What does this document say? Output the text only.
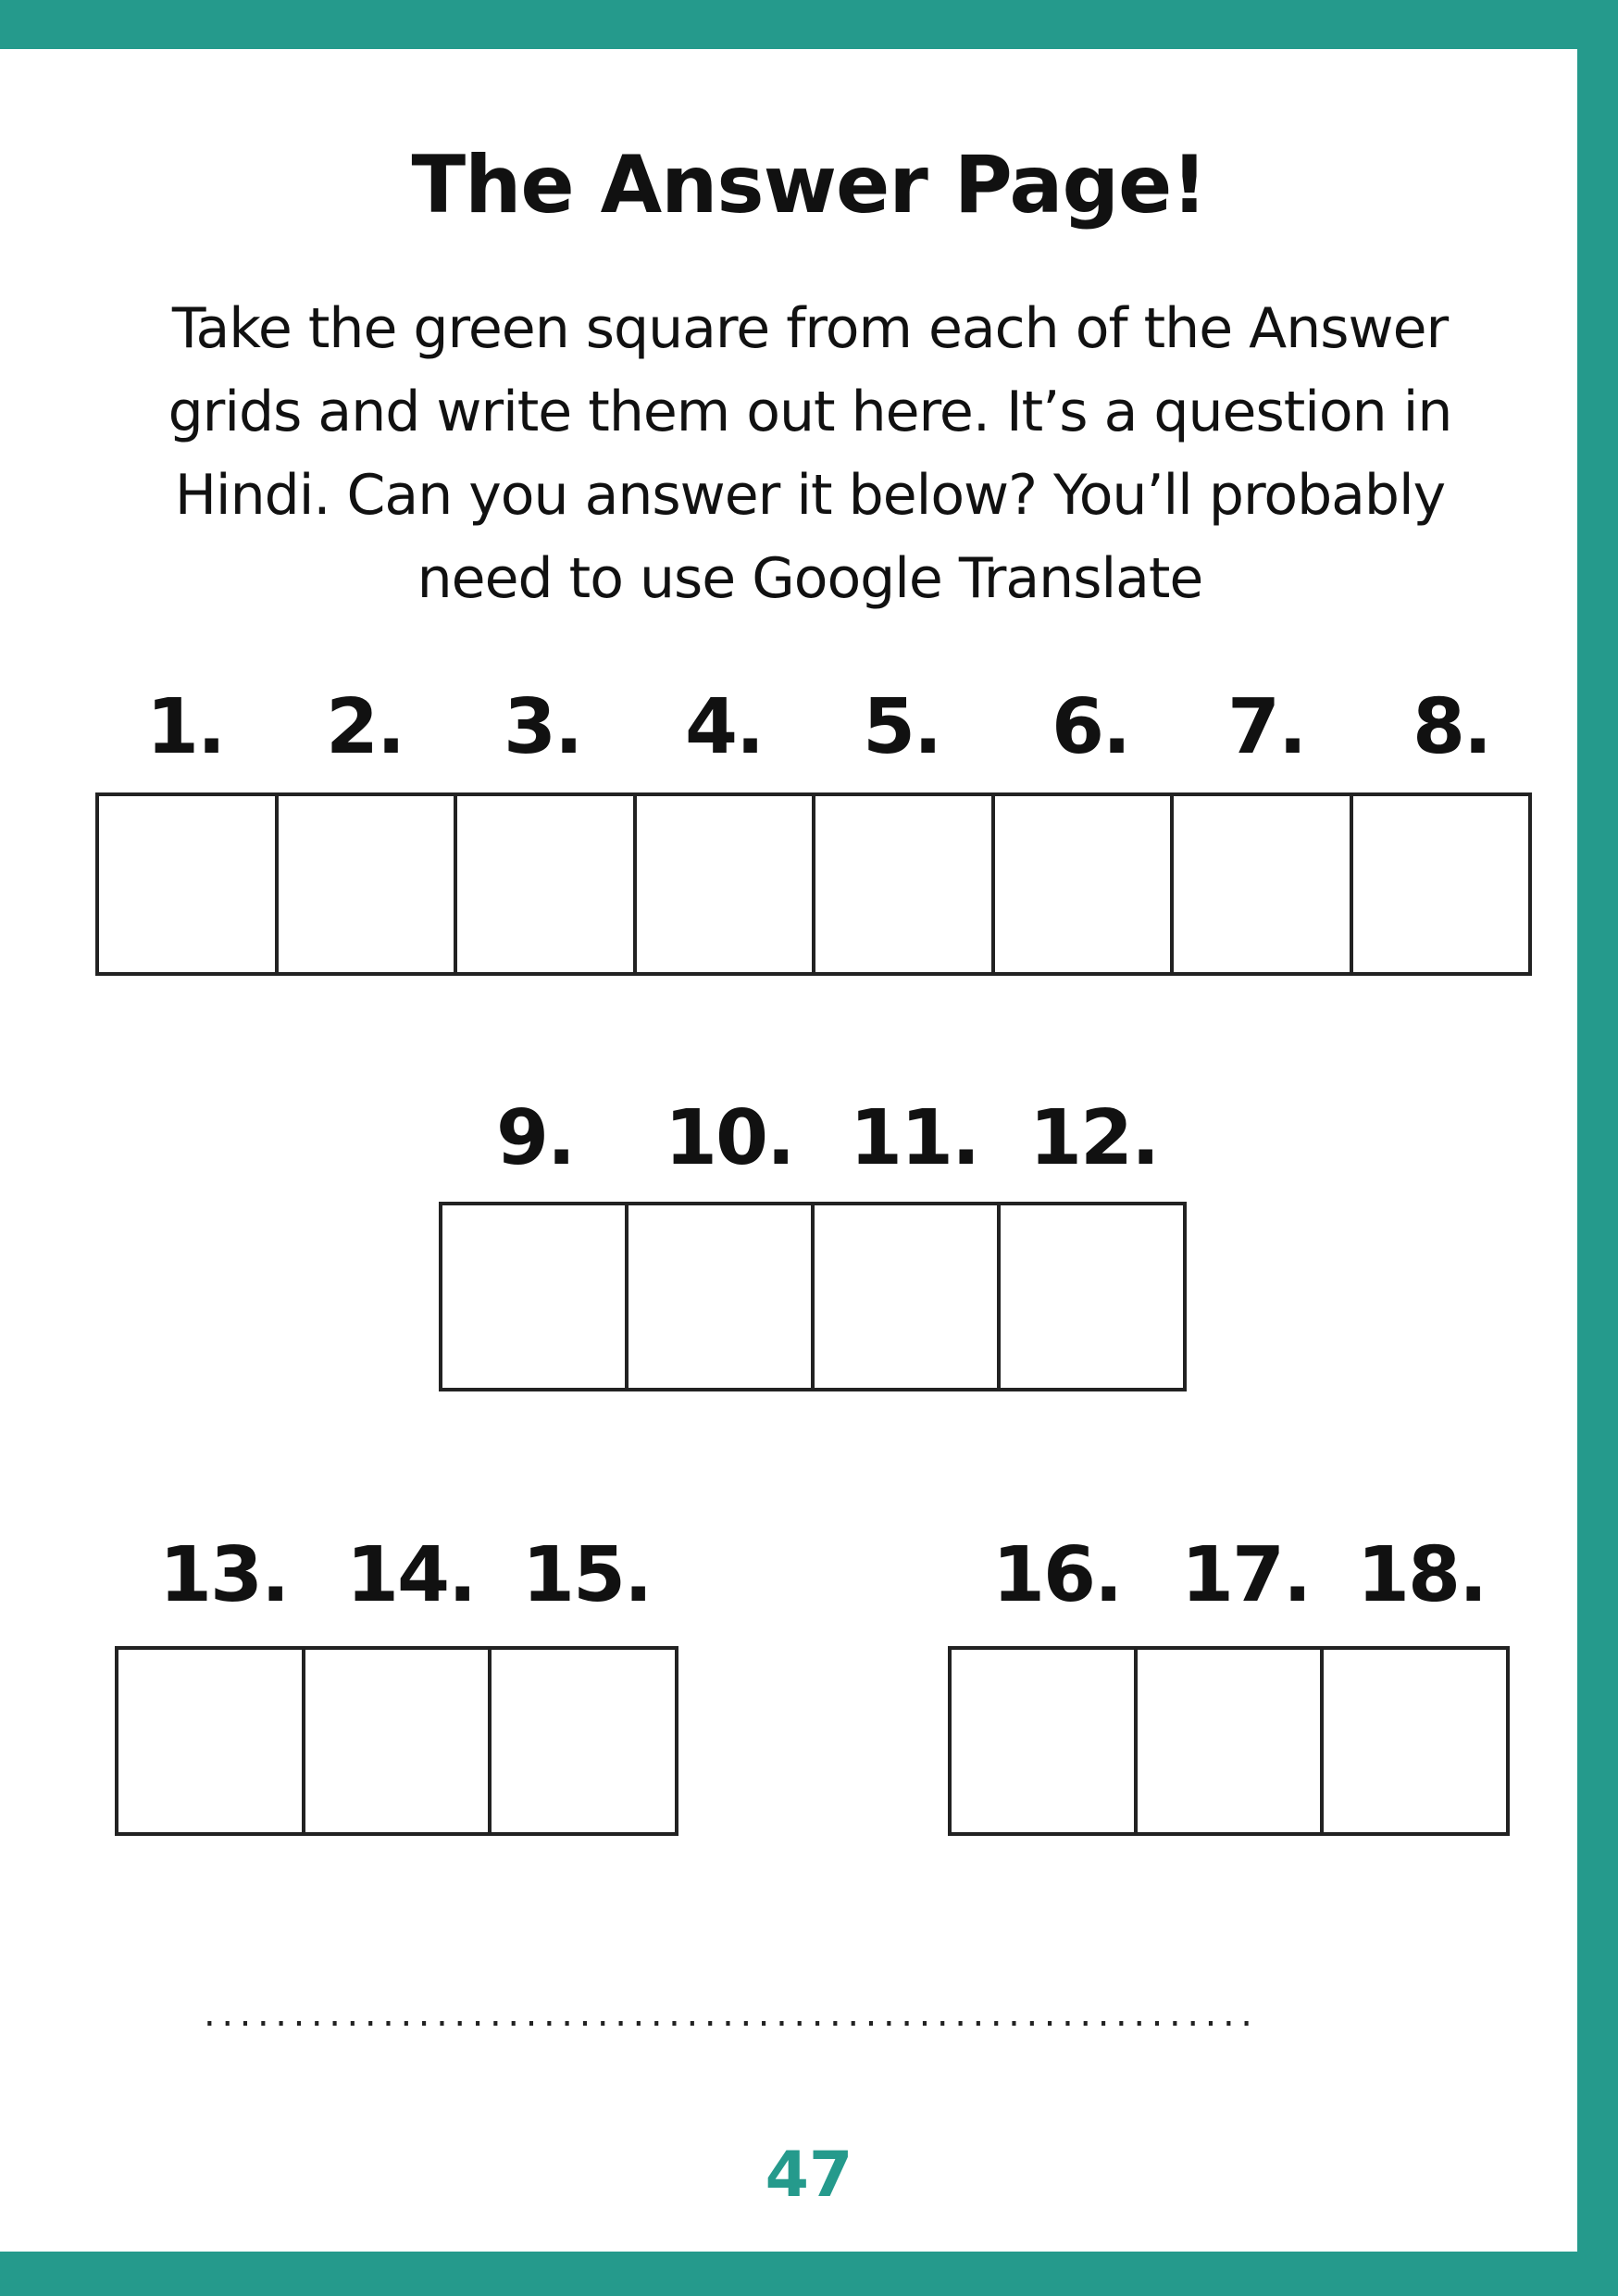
The Answer Page!
Take the green square from each of the Answer
grids and write them out here. It’s a question in
Hindi. Can you answer it below? You’ll probably
need to use Google Translate
1. 2. 3. 4. 5. 6. 7. 8.
9. 10. 11. 12.
13. 14. 15.	16. 17. 18.
...........................................................
47
